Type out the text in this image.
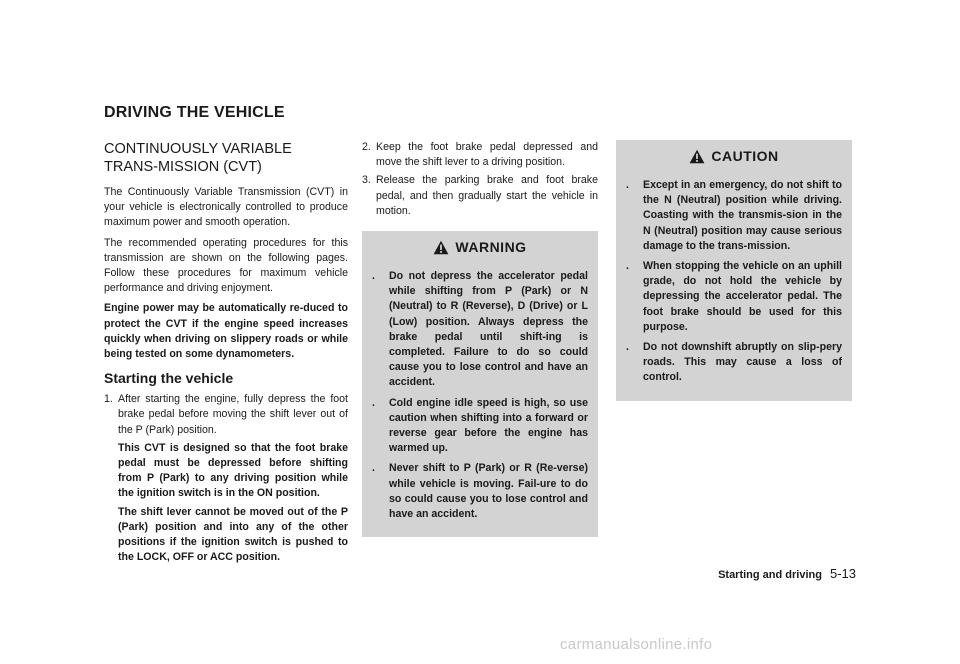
DRIVING THE VEHICLE
CONTINUOUSLY VARIABLE TRANS-MISSION (CVT)

The Continuously Variable Transmission (CVT) in your vehicle is electronically controlled to produce maximum power and smooth operation.

The recommended operating procedures for this transmission are shown on the following pages. Follow these procedures for maximum vehicle performance and driving enjoyment.

Engine power may be automatically re-duced to protect the CVT if the engine speed increases quickly when driving on slippery roads or while being tested on some dynamometers.

Starting the vehicle
1. After starting the engine, fully depress the foot brake pedal before moving the shift lever out of the P (Park) position.

This CVT is designed so that the foot brake pedal must be depressed before shifting from P (Park) to any driving position while the ignition switch is in the ON position.

The shift lever cannot be moved out of the P (Park) position and into any of the other positions if the ignition switch is pushed to the LOCK, OFF or ACC position.

2. Keep the foot brake pedal depressed and move the shift lever to a driving position.

3. Release the parking brake and foot brake pedal, and then gradually start the vehicle in motion.

WARNING
. Do not depress the accelerator pedal while shifting from P (Park) or N (Neutral) to R (Reverse), D (Drive) or L (Low) position. Always depress the brake pedal until shift-ing is completed. Failure to do so could cause you to lose control and have an accident.
. Cold engine idle speed is high, so use caution when shifting into a forward or reverse gear before the engine has warmed up.
. Never shift to P (Park) or R (Re-verse) while vehicle is moving. Fail-ure to do so could cause you to lose control and have an accident.
CAUTION
. Except in an emergency, do not shift to the N (Neutral) position while driving. Coasting with the transmis-sion in the N (Neutral) position may cause serious damage to the trans-mission.
. When stopping the vehicle on an uphill grade, do not hold the vehicle by depressing the accelerator pedal. The foot brake should be used for this purpose.
. Do not downshift abruptly on slip-pery roads. This may cause a loss of control.
Starting and driving 5-13
carmanualsonline.info
